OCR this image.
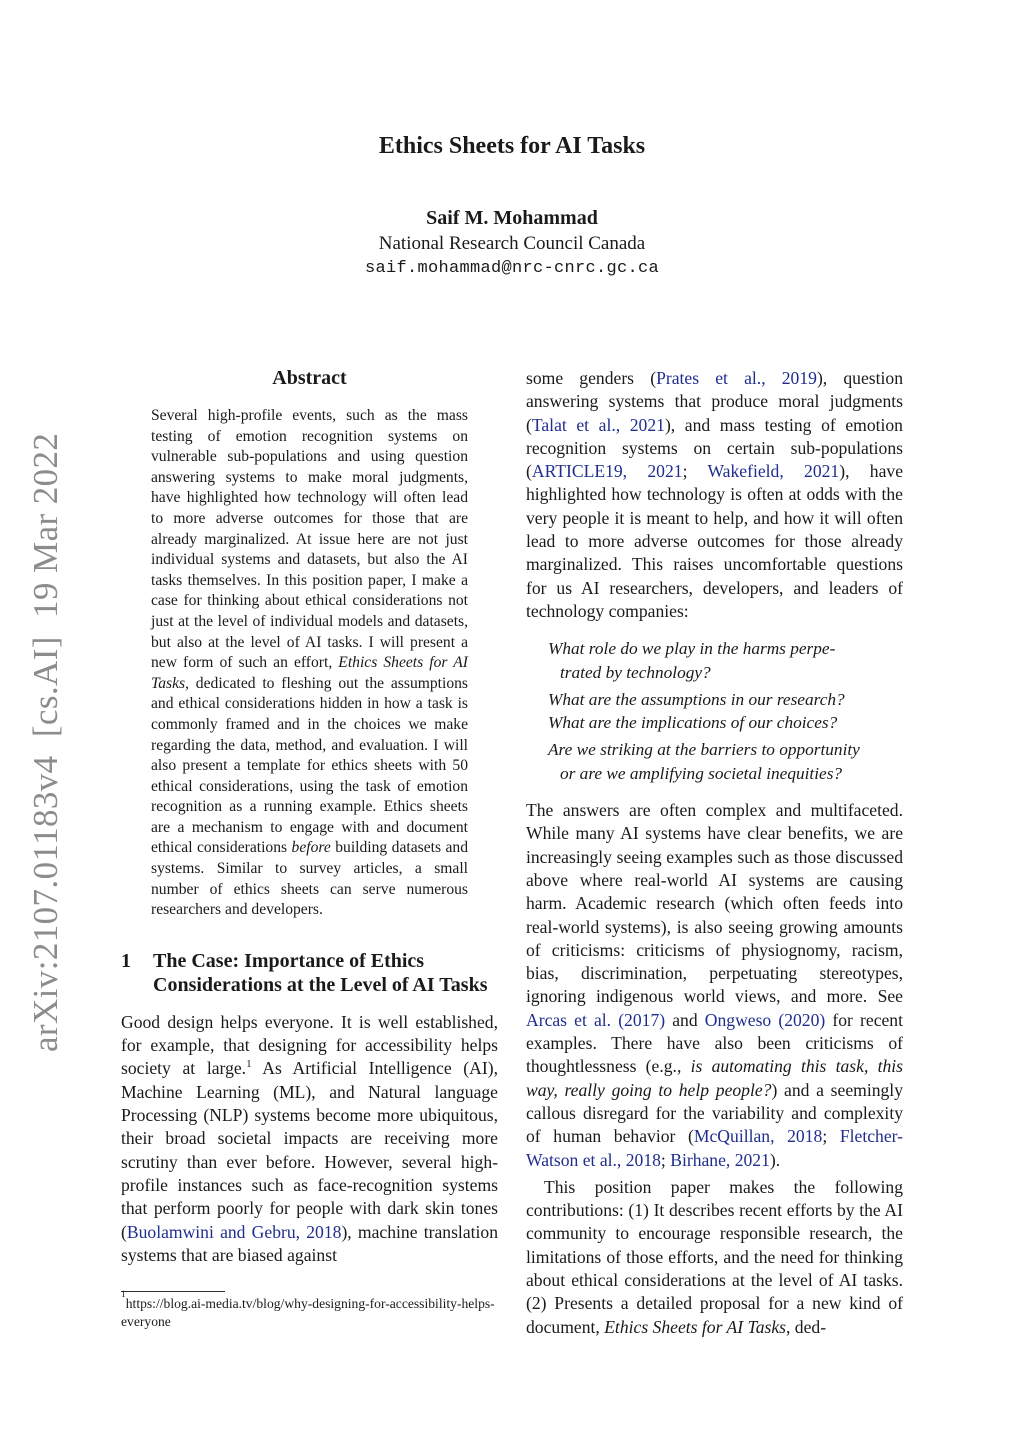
Ethics Sheets for AI Tasks
Saif M. Mohammad
National Research Council Canada
saif.mohammad@nrc-cnrc.gc.ca
arXiv:2107.01183v4  [cs.AI]  19 Mar 2022
Abstract

Several high-profile events, such as the mass testing of emotion recognition systems on vulnerable sub-populations and using question answering systems to make moral judgments, have highlighted how technology will often lead to more adverse outcomes for those that are already marginalized. At issue here are not just individual systems and datasets, but also the AI tasks themselves. In this position paper, I make a case for thinking about ethical considerations not just at the level of individual models and datasets, but also at the level of AI tasks. I will present a new form of such an effort, Ethics Sheets for AI Tasks, dedicated to fleshing out the assumptions and ethical considerations hidden in how a task is commonly framed and in the choices we make regarding the data, method, and evaluation. I will also present a template for ethics sheets with 50 ethical considerations, using the task of emotion recognition as a running example. Ethics sheets are a mechanism to engage with and document ethical considerations before building datasets and systems. Similar to survey articles, a small number of ethics sheets can serve numerous researchers and developers.

1	The Case: Importance of Ethics Considerations at the Level of AI Tasks

Good design helps everyone. It is well established, for example, that designing for accessibility helps society at large.$^1$ As Artificial Intelligence (AI), Machine Learning (ML), and Natural language Processing (NLP) systems become more ubiquitous, their broad societal impacts are receiving more scrutiny than ever before. However, several high-profile instances such as face-recognition systems that perform poorly for people with dark skin tones (Buolamwini and Gebru, 2018), machine translation systems that are biased against

$^1$https://blog.ai-media.tv/blog/why-designing-for-accessibility-helps-everyone

some genders (Prates et al., 2019), question answering systems that produce moral judgments (Talat et al., 2021), and mass testing of emotion recognition systems on certain sub-populations (ARTICLE19, 2021; Wakefield, 2021), have highlighted how technology is often at odds with the very people it is meant to help, and how it will often lead to more adverse outcomes for those already marginalized. This raises uncomfortable questions for us AI researchers, developers, and leaders of technology companies:

What role do we play in the harms perpe-
trated by technology?
What are the assumptions in our research?
What are the implications of our choices?
Are we striking at the barriers to opportunity
or are we amplifying societal inequities?

The answers are often complex and multifaceted. While many AI systems have clear benefits, we are increasingly seeing examples such as those discussed above where real-world AI systems are causing harm. Academic research (which often feeds into real-world systems), is also seeing growing amounts of criticisms: criticisms of physiognomy, racism, bias, discrimination, perpetuating stereotypes, ignoring indigenous world views, and more. See Arcas et al. (2017) and Ongweso (2020) for recent examples. There have also been criticisms of thoughtlessness (e.g., is automating this task, this way, really going to help people?) and a seemingly callous disregard for the variability and complexity of human behavior (McQuillan, 2018; Fletcher-Watson et al., 2018; Birhane, 2021).

This position paper makes the following contributions: (1) It describes recent efforts by the AI community to encourage responsible research, the limitations of those efforts, and the need for thinking about ethical considerations at the level of AI tasks. (2) Presents a detailed proposal for a new kind of document, Ethics Sheets for AI Tasks, ded-
